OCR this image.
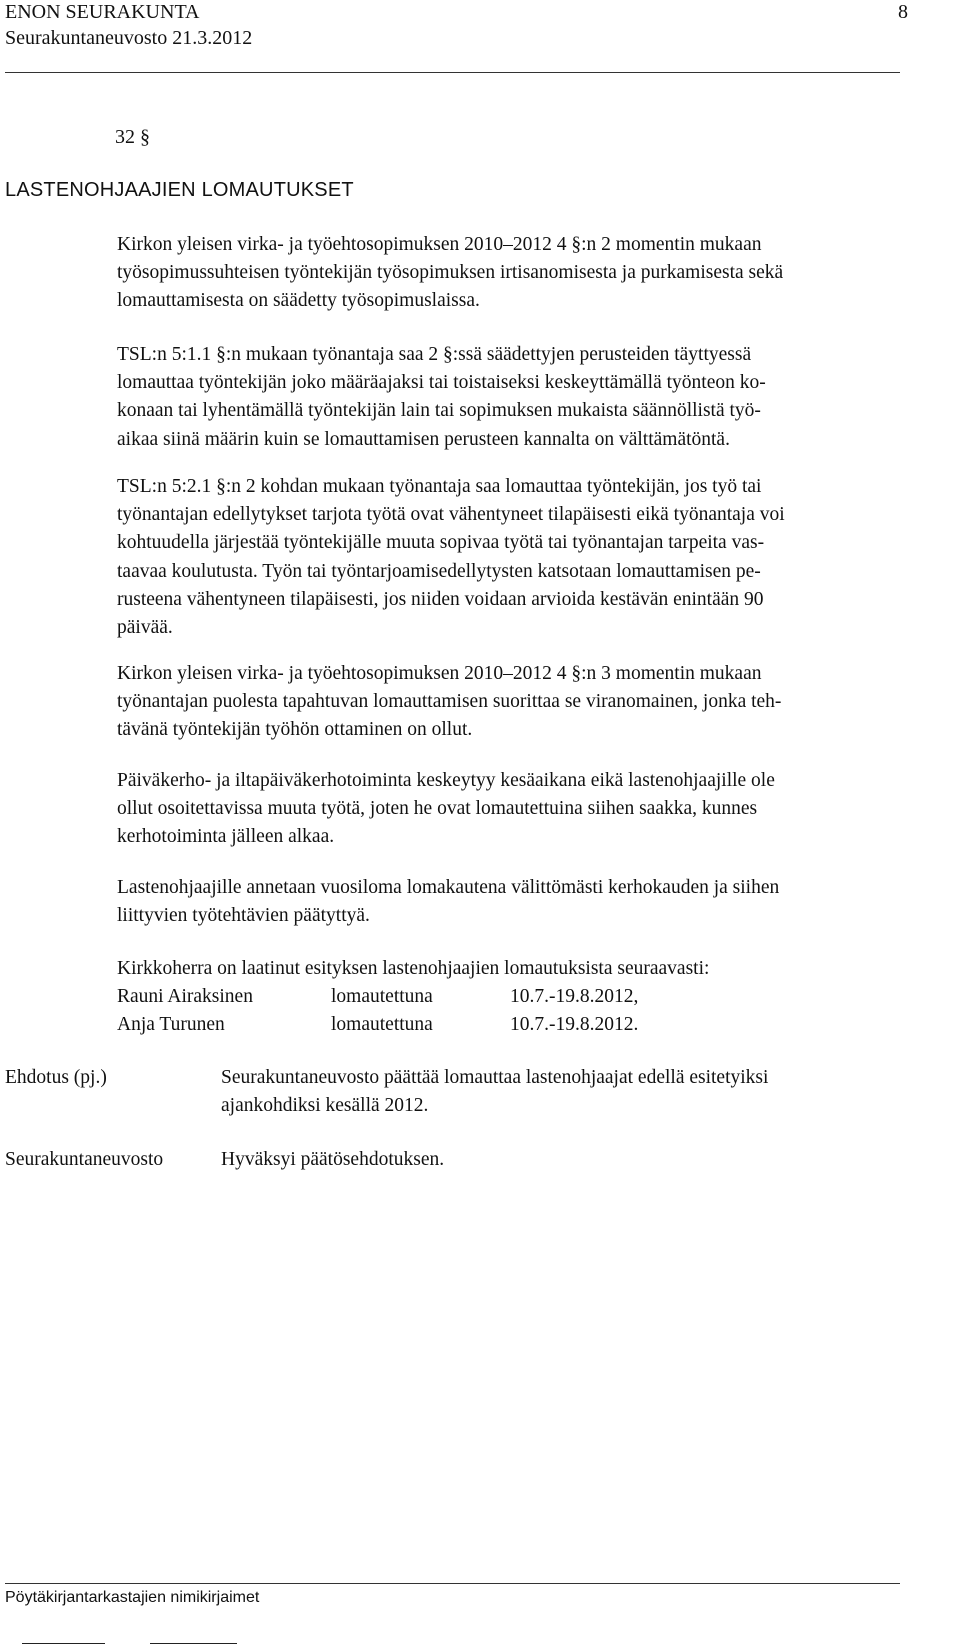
ENON SEURAKUNTA	8
Seurakuntaneuvosto 21.3.2012
32 §
LASTENOHJAAJIEN LOMAUTUKSET

Kirkon yleisen virka- ja työehtosopimuksen 2010–2012 4 §:n 2 momentin mukaan

työsopimussuhteisen työntekijän työsopimuksen irtisanomisesta ja purkamisesta sekä

lomauttamisesta on säädetty työsopimuslaissa.

TSL:n 5:1.1 §:n mukaan työnantaja saa 2 §:ssä säädettyjen perusteiden täyttyessä

lomauttaa työntekijän joko määräajaksi tai toistaiseksi keskeyttämällä työnteon ko-

konaan tai lyhentämällä työntekijän lain tai sopimuksen mukaista säännöllistä työ-

aikaa siinä määrin kuin se lomauttamisen perusteen kannalta on välttämätöntä.

TSL:n 5:2.1 §:n 2 kohdan mukaan työnantaja saa lomauttaa työntekijän, jos työ tai

työnantajan edellytykset tarjota työtä ovat vähentyneet tilapäisesti eikä työnantaja voi

kohtuudella järjestää työntekijälle muuta sopivaa työtä tai työnantajan tarpeita vas-

taavaa koulutusta. Työn tai työntarjoamisedellytysten katsotaan lomauttamisen pe-

rusteena vähentyneen tilapäisesti, jos niiden voidaan arvioida kestävän enintään 90

päivää.

Kirkon yleisen virka- ja työehtosopimuksen 2010–2012 4 §:n 3 momentin mukaan

työnantajan puolesta tapahtuvan lomauttamisen suorittaa se viranomainen, jonka teh-

tävänä työntekijän työhön ottaminen on ollut.

Päiväkerho- ja iltapäiväkerhotoiminta keskeytyy kesäaikana eikä lastenohjaajille ole

ollut osoitettavissa muuta työtä, joten he ovat lomautettuina siihen saakka, kunnes

kerhotoiminta jälleen alkaa.

Lastenohjaajille annetaan vuosiloma lomakautena välittömästi kerhokauden ja siihen

liittyvien työtehtävien päätyttyä.

Kirkkoherra on laatinut esityksen lastenohjaajien lomautuksista seuraavasti:
Rauni Airaksinen	lomautettuna	10.7.-19.8.2012,
Anja Turunen	lomautettuna	10.7.-19.8.2012.
Ehdotus (pj.)	Seurakuntaneuvosto päättää lomauttaa lastenohjaajat edellä esitetyiksi
ajankohdiksi kesällä 2012.
Seurakuntaneuvosto	Hyväksyi päätösehdotuksen.
Pöytäkirjantarkastajien nimikirjaimet
